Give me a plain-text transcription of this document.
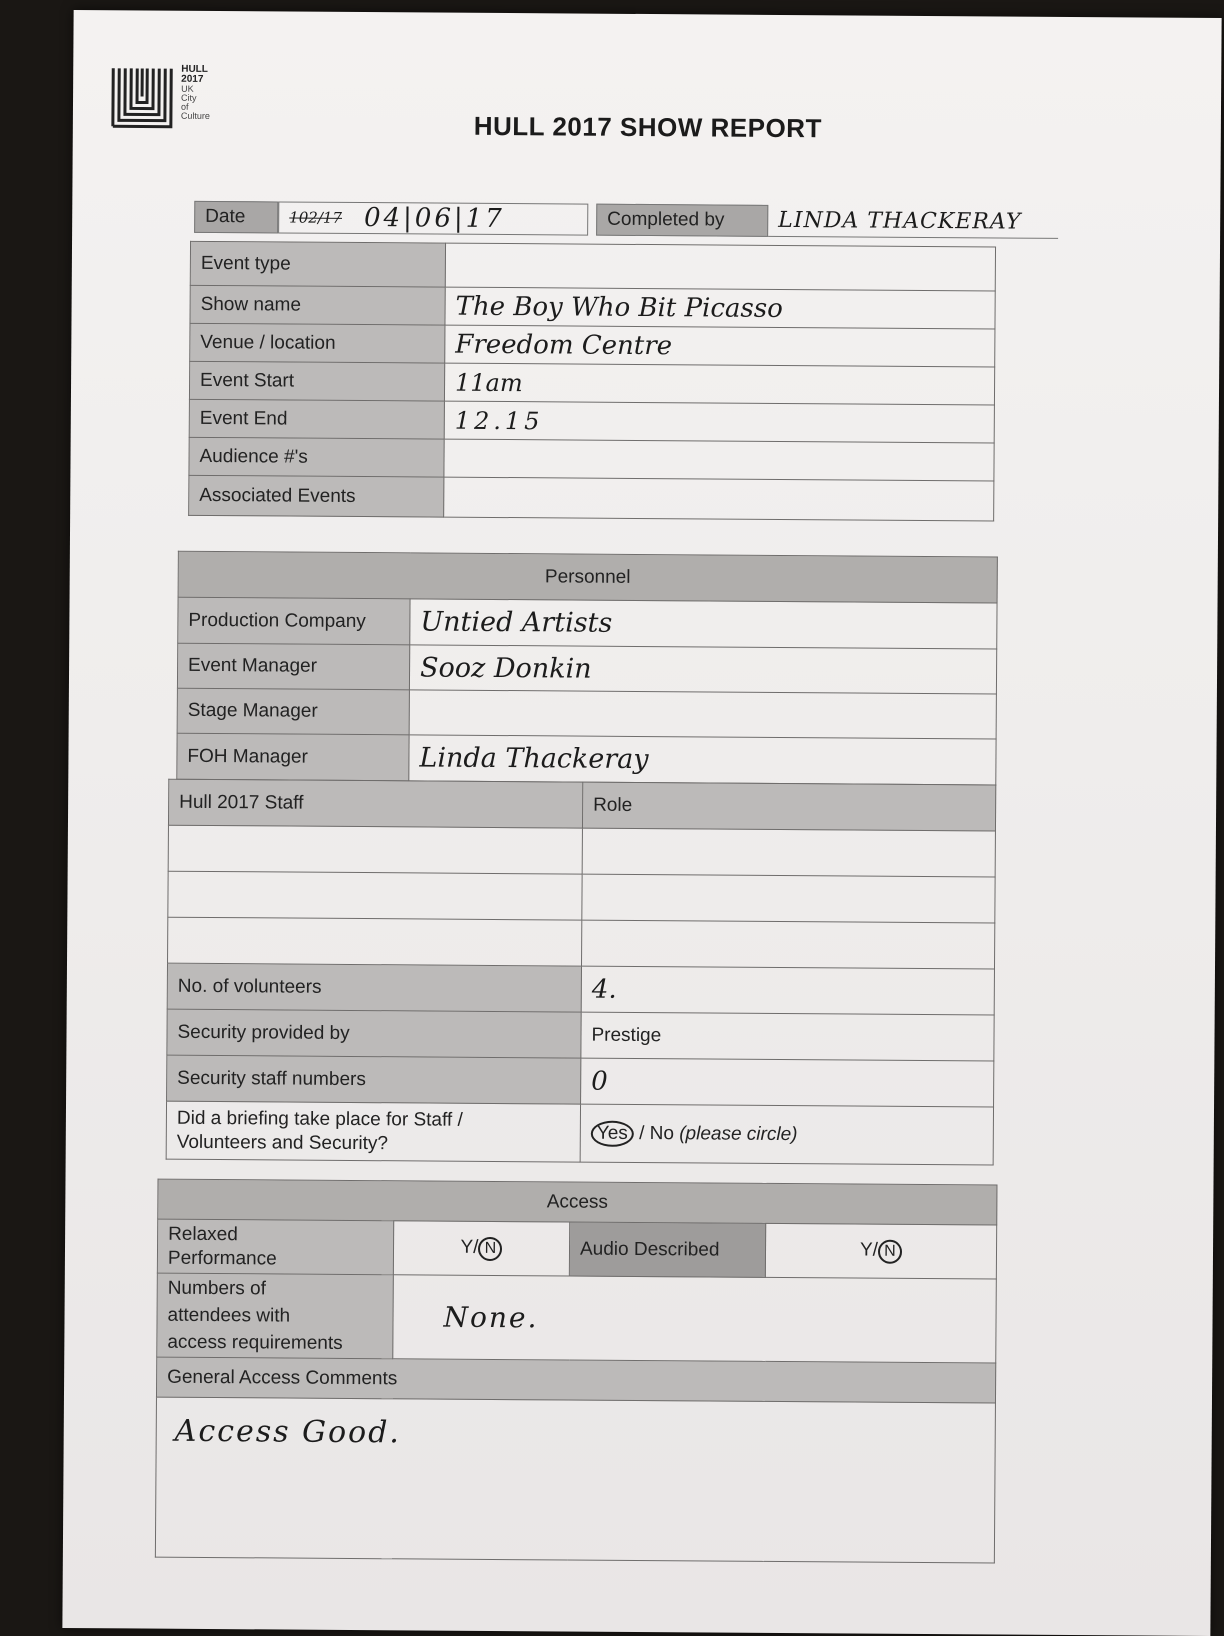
HULL
2017
UK
City
of
Culture	HULL 2017 SHOW REPORT
Date	102/17 04|06|17	Completed by	LINDA THACKERAY
Event type	
Show name	The Boy Who Bit Picasso
Venue / location	Freedom Centre
Event Start	11am
Event End	12.15
Audience #'s	
Associated Events	
Personnel	
Production Company	Untied Artists
Event Manager	Sooz Donkin
Stage Manager	
FOH Manager	Linda Thackeray
Hull 2017 Staff	Role

No. of volunteers	4.
Security provided by	Prestige
Security staff numbers	0
Did a briefing take place for Staff /
Volunteers and Security?	Yes / No (please circle)
Access			
Relaxed
Performance	Y/ N	Audio Described	Y/ N
Numbers of
attendees with
access requirements	None.		
General Access Comments			
Access Good.			
